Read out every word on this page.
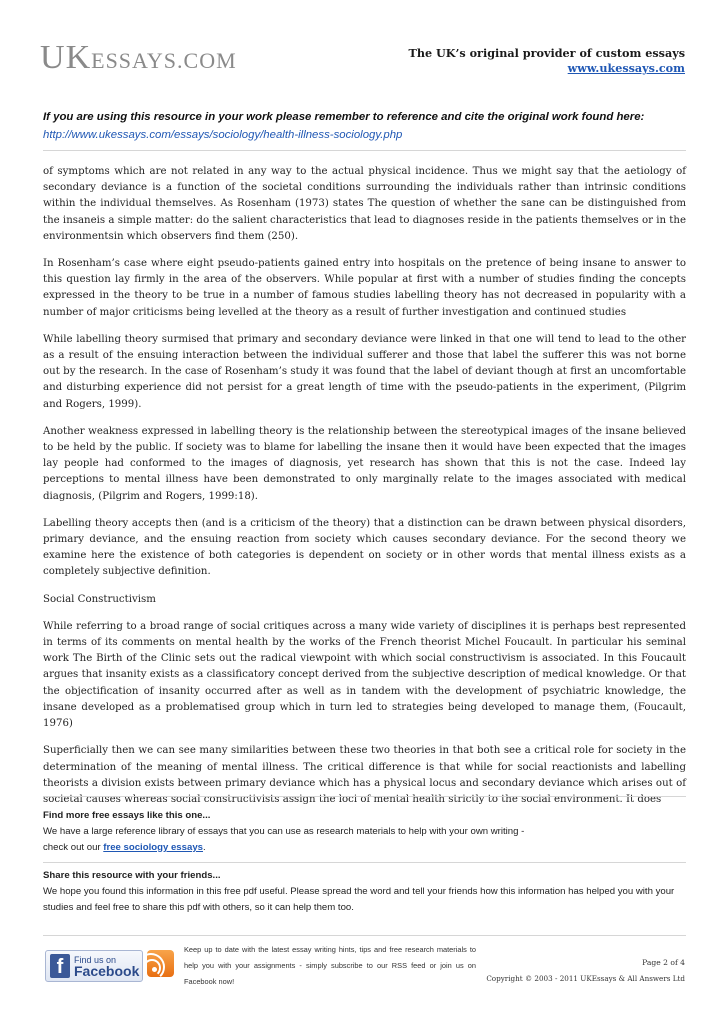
UKESSAYS.COM	The UK’s original provider of custom essays
www.ukessays.com
If you are using this resource in your work please remember to reference and cite the original work found here:
http://www.ukessays.com/essays/sociology/health-illness-sociology.php

of symptoms which are not related in any way to the actual physical incidence. Thus we might say that the aetiology of secondary deviance is a function of the societal conditions surrounding the individuals rather than intrinsic conditions within the individual themselves. As Rosenham (1973) states The question of whether the sane can be distinguished from the insaneis a simple matter: do the salient characteristics that lead to diagnoses reside in the patients themselves or in the environmentsin which observers find them (250).

In Rosenham’s case where eight pseudo-patients gained entry into hospitals on the pretence of being insane to answer to this question lay firmly in the area of the observers. While popular at first with a number of studies finding the concepts expressed in the theory to be true in a number of famous studies labelling theory has not decreased in popularity with a number of major criticisms being levelled at the theory as a result of further investigation and continued studies

While labelling theory surmised that primary and secondary deviance were linked in that one will tend to lead to the other as a result of the ensuing interaction between the individual sufferer and those that label the sufferer this was not borne out by the research. In the case of Rosenham’s study it was found that the label of deviant though at first an uncomfortable and disturbing experience did not persist for a great length of time with the pseudo-patients in the experiment, (Pilgrim and Rogers, 1999).

Another weakness expressed in labelling theory is the relationship between the stereotypical images of the insane believed to be held by the public. If society was to blame for labelling the insane then it would have been expected that the images lay people had conformed to the images of diagnosis, yet research has shown that this is not the case. Indeed lay perceptions to mental illness have been demonstrated to only marginally relate to the images associated with medical diagnosis, (Pilgrim and Rogers, 1999:18).

Labelling theory accepts then (and is a criticism of the theory) that a distinction can be drawn between physical disorders, primary deviance, and the ensuing reaction from society which causes secondary deviance. For the second theory we examine here the existence of both categories is dependent on society or in other words that mental illness exists as a completely subjective definition.

Social Constructivism

While referring to a broad range of social critiques across a many wide variety of disciplines it is perhaps best represented in terms of its comments on mental health by the works of the French theorist Michel Foucault. In particular his seminal work The Birth of the Clinic sets out the radical viewpoint with which social constructivism is associated. In this Foucault argues that insanity exists as a classificatory concept derived from the subjective description of medical knowledge. Or that the objectification of insanity occurred after as well as in tandem with the development of psychiatric knowledge, the insane developed as a problematised group which in turn led to strategies being developed to manage them, (Foucault, 1976)

Superficially then we can see many similarities between these two theories in that both see a critical role for society in the determination of the meaning of mental illness. The critical difference is that while for social reactionists and labelling theorists a division exists between primary deviance which has a physical locus and secondary deviance which arises out of societal causes whereas social constructivists assign the loci of mental health strictly to the social environment. It does

Find more free essays like this one...
We have a large reference library of essays that you can use as research materials to help with your own writing -
check out our free sociology essays.
Share this resource with your friends...
We hope you found this information in this free pdf useful. Please spread the word and tell your friends how this information has helped you with your studies and feel free to share this pdf with others, so it can help them too.
f	Find us on
Facebook
Keep up to date with the latest essay writing hints, tips and free research materials to help you with your assignments - simply subscribe to our RSS feed or join us on Facebook now!
Page 2 of 4
Copyright © 2003 - 2011 UKEssays & All Answers Ltd
